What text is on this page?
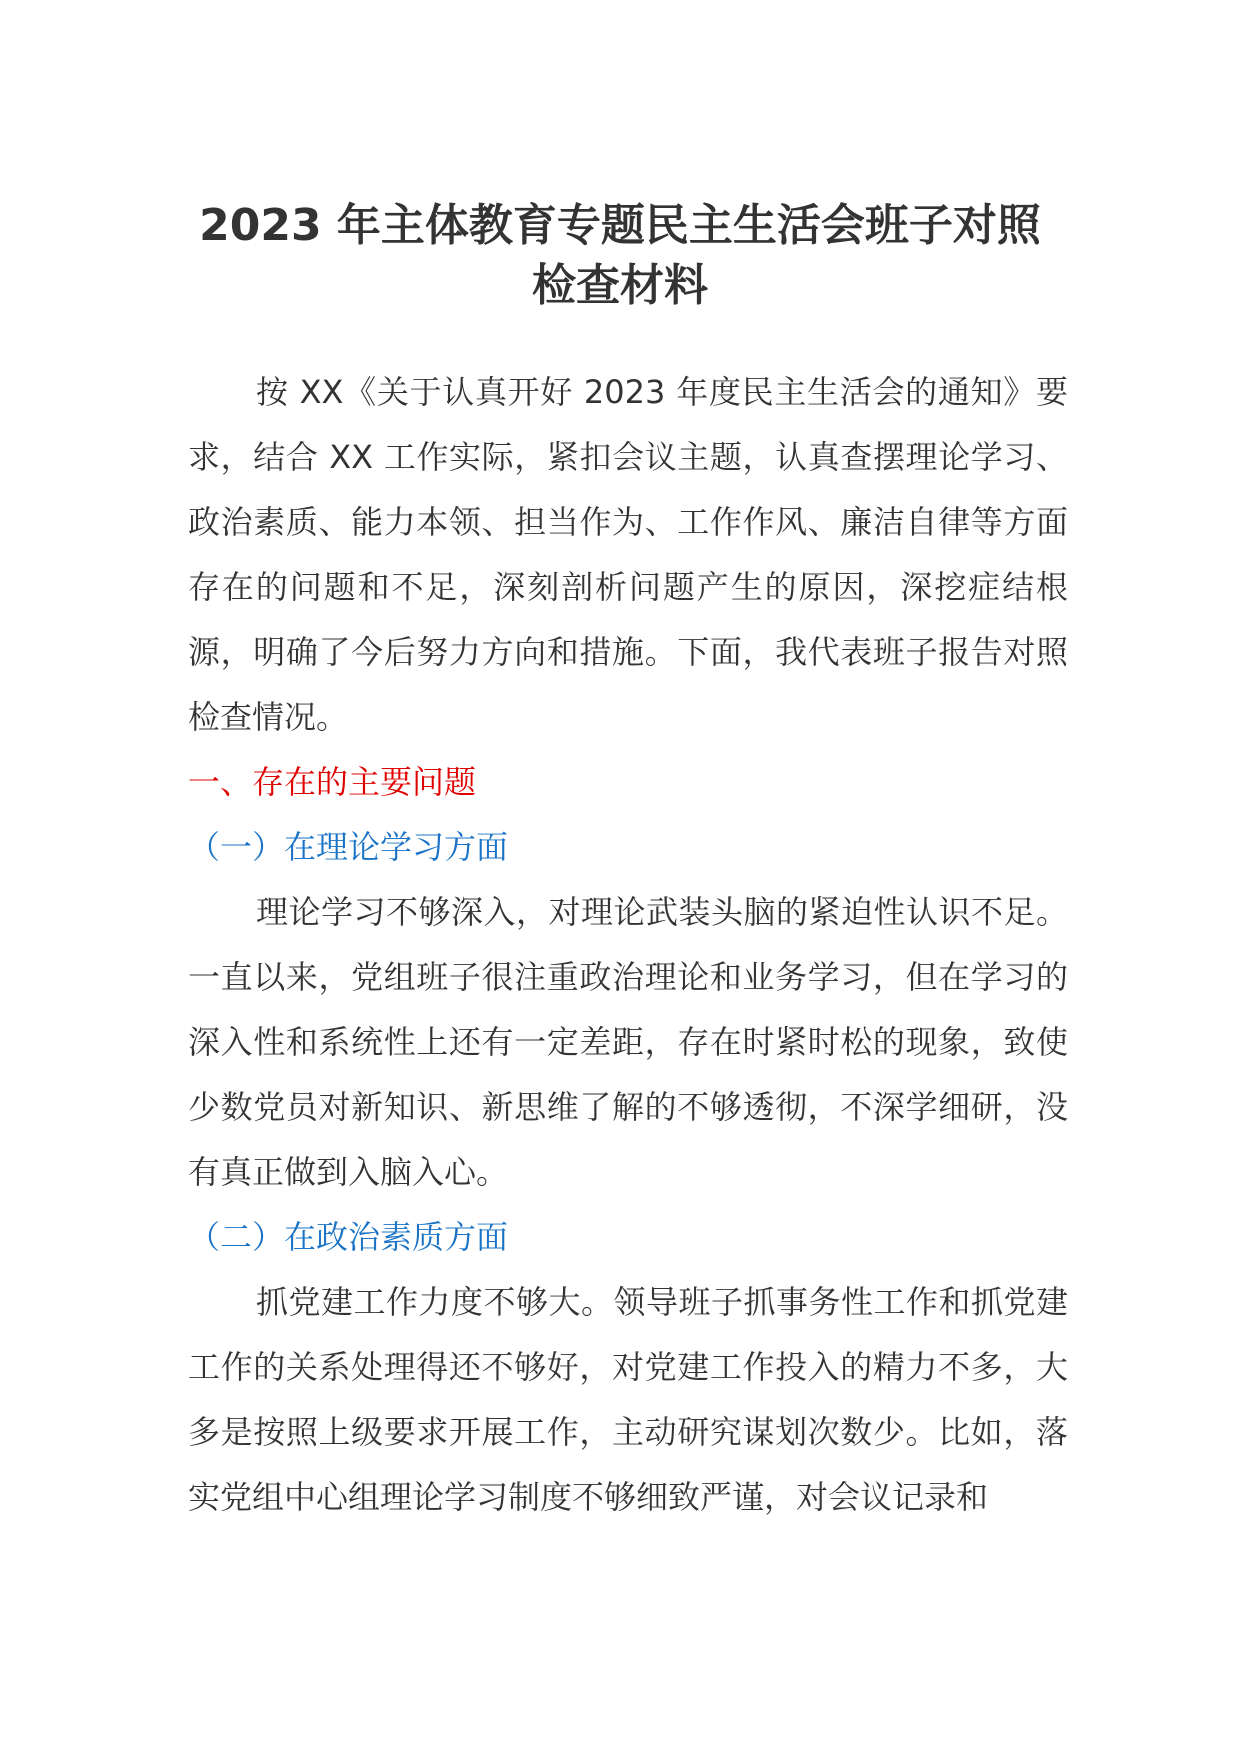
2023 年主体教育专题民主生活会班子对照
检查材料

按 XX《关于认真开好 2023 年度民主生活会的通知》要求，结合 XX 工作实际，紧扣会议主题，认真查摆理论学习、政治素质、能力本领、担当作为、工作作风、廉洁自律等方面存在的问题和不足，深刻剖析问题产生的原因，深挖症结根源，明确了今后努力方向和措施。下面，我代表班子报告对照检查情况。

一、存在的主要问题

（一）在理论学习方面

理论学习不够深入，对理论武装头脑的紧迫性认识不足。一直以来，党组班子很注重政治理论和业务学习，但在学习的深入性和系统性上还有一定差距，存在时紧时松的现象，致使少数党员对新知识、新思维了解的不够透彻，不深学细研，没有真正做到入脑入心。

（二）在政治素质方面

抓党建工作力度不够大。领导班子抓事务性工作和抓党建工作的关系处理得还不够好，对党建工作投入的精力不多，大多是按照上级要求开展工作，主动研究谋划次数少。比如，落实党组中心组理论学习制度不够细致严谨，对会议记录和
